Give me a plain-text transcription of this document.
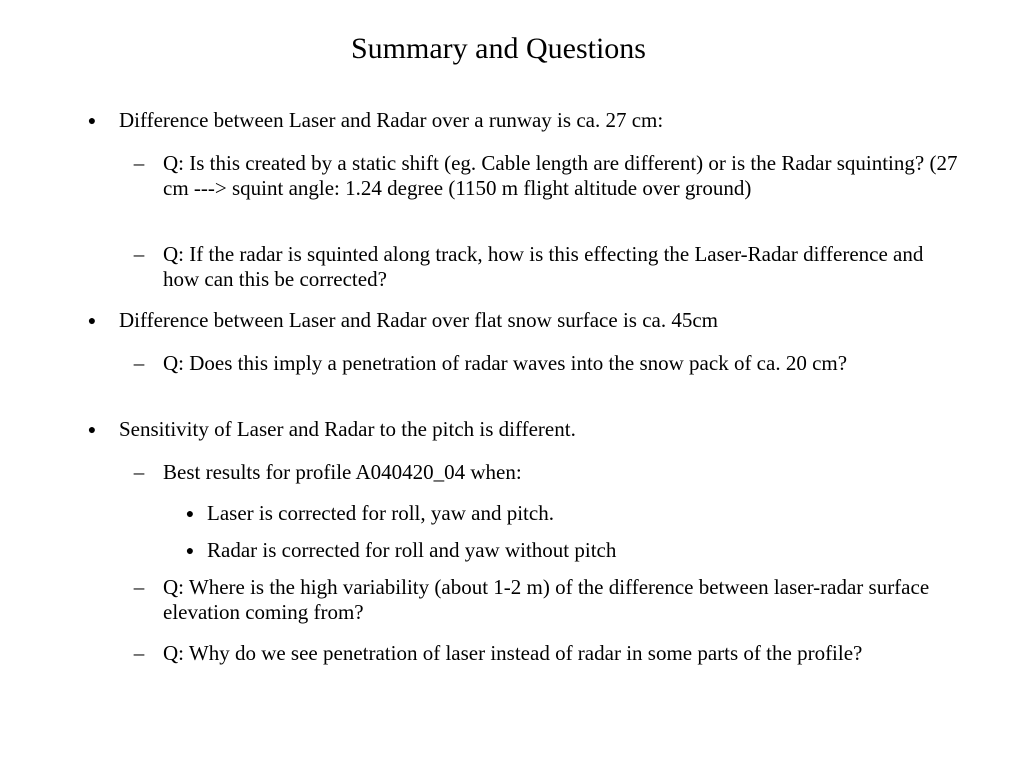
Summary and Questions
● Difference between Laser and Radar over a runway is ca. 27 cm:
– Q: Is this created by a static shift (eg. Cable length are different) or is the Radar squinting? (27 cm ---> squint angle: 1.24 degree (1150 m flight altitude over ground)
– Q: If the radar is squinted along track, how is this effecting the Laser-Radar difference and how can this be corrected?
● Difference between Laser and Radar over flat snow surface is ca. 45cm
– Q: Does this imply a penetration of radar waves into the snow pack of ca. 20 cm?
● Sensitivity of Laser and Radar to the pitch is different.
– Best results for profile A040420_04 when:
● Laser is corrected for roll, yaw and pitch.
● Radar is corrected for roll and yaw without pitch
– Q: Where is the high variability (about 1-2 m) of the difference between laser-radar surface elevation coming from?
– Q: Why do we see penetration of laser instead of radar in some parts of the profile?
